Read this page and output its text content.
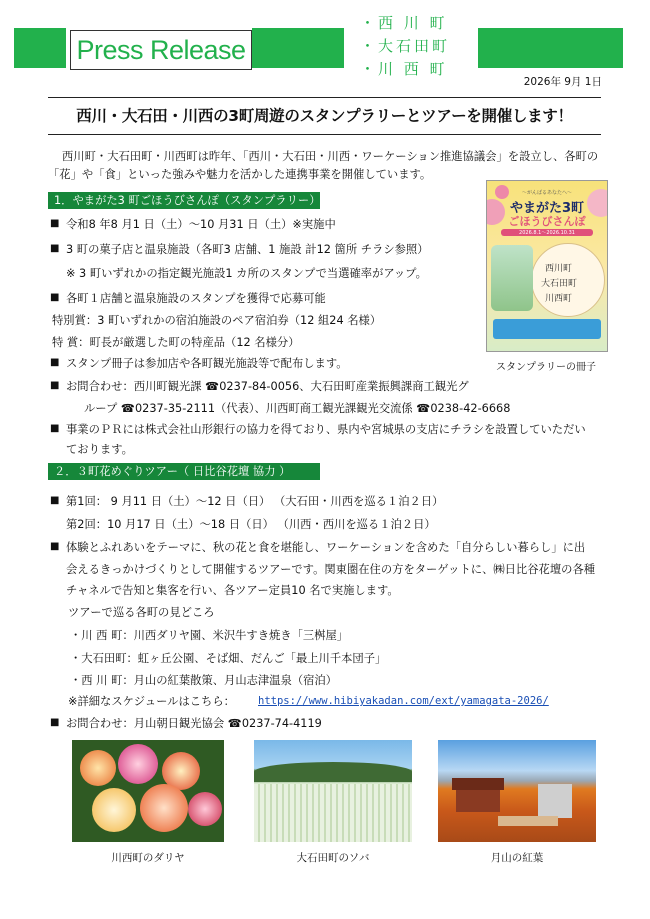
Press Release
・西 川 町
・大石田町
・川 西 町
2026年 9月 1日
西川・大石田・川西の3町周遊のスタンプラリーとツアーを開催します！
西川町・大石田町・川西町は昨年、「西川・大石田・川西・ワーケーション推進協議会」を設立し、各町の
「花」や「食」といった強みや魅力を活かした連携事業を開催しています。
1．やまがた3 町ごほうびさんぽ（スタンプラリー）
■ 令和8 年8 月1 日（土）～10 月31 日（土）※実施中
■ 3 町の菓子店と温泉施設（各町3 店舗、1 施設 計12 箇所 チラシ参照）
※ 3 町いずれかの指定観光施設1 カ所のスタンプで当選確率がアップ。
■ 各町１店舗と温泉施設のスタンプを獲得で応募可能
特別賞：3 町いずれかの宿泊施設のペア宿泊券（12 組24 名様）
特 賞：町長が厳選した町の特産品（12 名様分）
■ スタンプ冊子は参加店や各町観光施設等で配布します。
■ お問合わせ：西川町観光課 ☎0237-84-0056、大石田町産業振興課商工観光グ
ループ ☎0237-35-2111（代表）、川西町商工観光課観光交流係 ☎0238-42-6668
■ 事業のＰＲには株式会社山形銀行の協力を得ており、県内や宮城県の支店にチラシを設置していただい
ております。
～がんばるあなたへ～
やまがた3町
ごほうびさんぽ
2026.8.1～2026.10.31
西川町
大石田町
川西町
スタンプラリーの冊子
２．３町花めぐりツアー（ 日比谷花壇 協力 ）
■ 第1回： 9 月11 日（土）～12 日（日） （大石田・川西を巡る１泊２日）
第2回：10 月17 日（土）～18 日（日） （川西・西川を巡る１泊２日）
■ 体験とふれあいをテーマに、秋の花と食を堪能し、ワーケーションを含めた「自分らしい暮らし」に出
会えるきっかけづくりとして開催するツアーです。関東圏在住の方をターゲットに、㈱日比谷花壇の各種
チャネルで告知と集客を行い、各ツアー定員10 名で実施します。
ツアーで巡る各町の見どころ
・川 西 町：川西ダリヤ園、米沢牛すき焼き「三桝屋」
・大石田町：虹ヶ丘公園、そば畑、だんご「最上川千本団子」
・西 川 町：月山の紅葉散策、月山志津温泉（宿泊）
※詳細なスケジュールはこちら： https://www.hibiyakadan.com/ext/yamagata-2026/
■ お問合わせ：月山朝日観光協会 ☎0237-74-4119
川西町のダリヤ	大石田町のソバ	月山の紅葉
